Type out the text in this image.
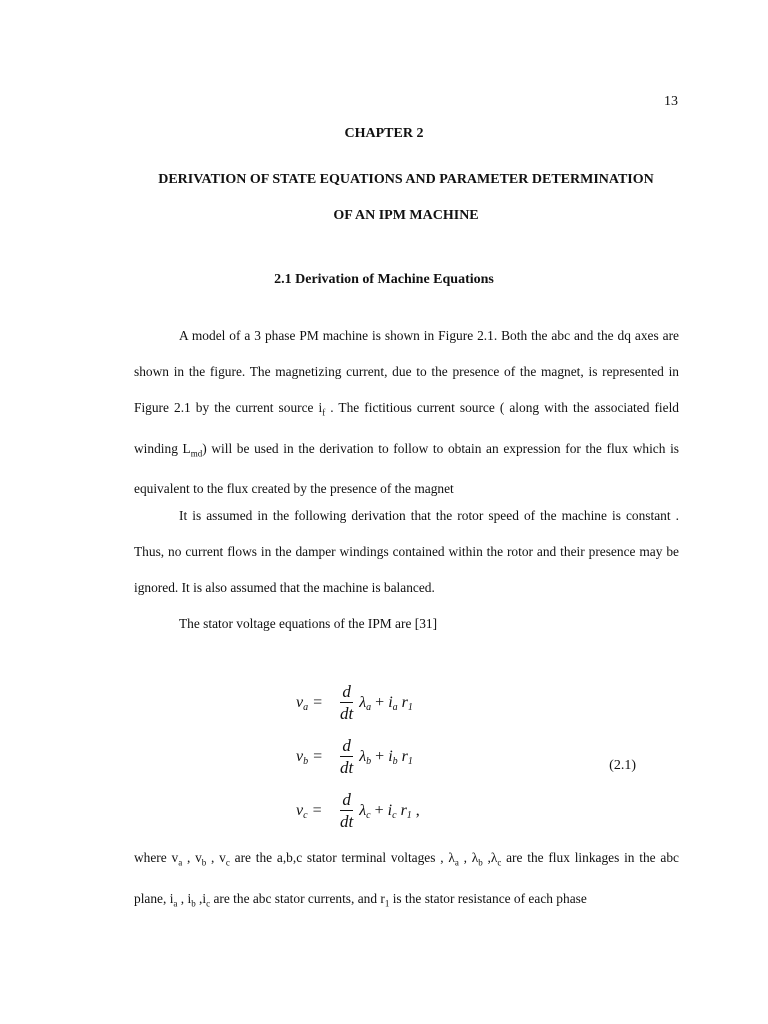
13
CHAPTER 2
DERIVATION OF STATE EQUATIONS AND PARAMETER DETERMINATION
OF AN IPM MACHINE
2.1 Derivation of Machine Equations

A model of a 3 phase PM machine is shown in Figure 2.1. Both the abc and the dq axes are shown in the figure. The magnetizing current, due to the presence of the magnet, is represented in Figure 2.1 by the current source $i_f$ . The fictitious current source ( along with the associated field winding $L_{md}$) will be used in the derivation to follow to obtain an expression for the flux which is equivalent to the flux created by the presence of the magnet

It is assumed in the following derivation that the rotor speed of the machine is constant . Thus, no current flows in the damper windings contained within the rotor and their presence may be ignored. It is also assumed that the machine is balanced.

The stator voltage equations of the IPM are [31]

$v_a$ =	$\frac{d}{dt} \lambda_a + i_a$ $r_1$
$v_b$ =	$\frac{d}{dt} \lambda_b + i_b$ $r_1$
$v_c$ =	$\frac{d}{dt} \lambda_c + i_c$ $r_1$ ,
(2.1)

where $v_a$ , $v_b$ , $v_c$ are the a,b,c stator terminal voltages , $\lambda_a$ , $\lambda_b$ $,\lambda_c$ are the flux linkages in the abc plane, $i_a$ , $i_b$ $,i_c$ are the abc stator currents, and $r_1$ is the stator resistance of each phase
